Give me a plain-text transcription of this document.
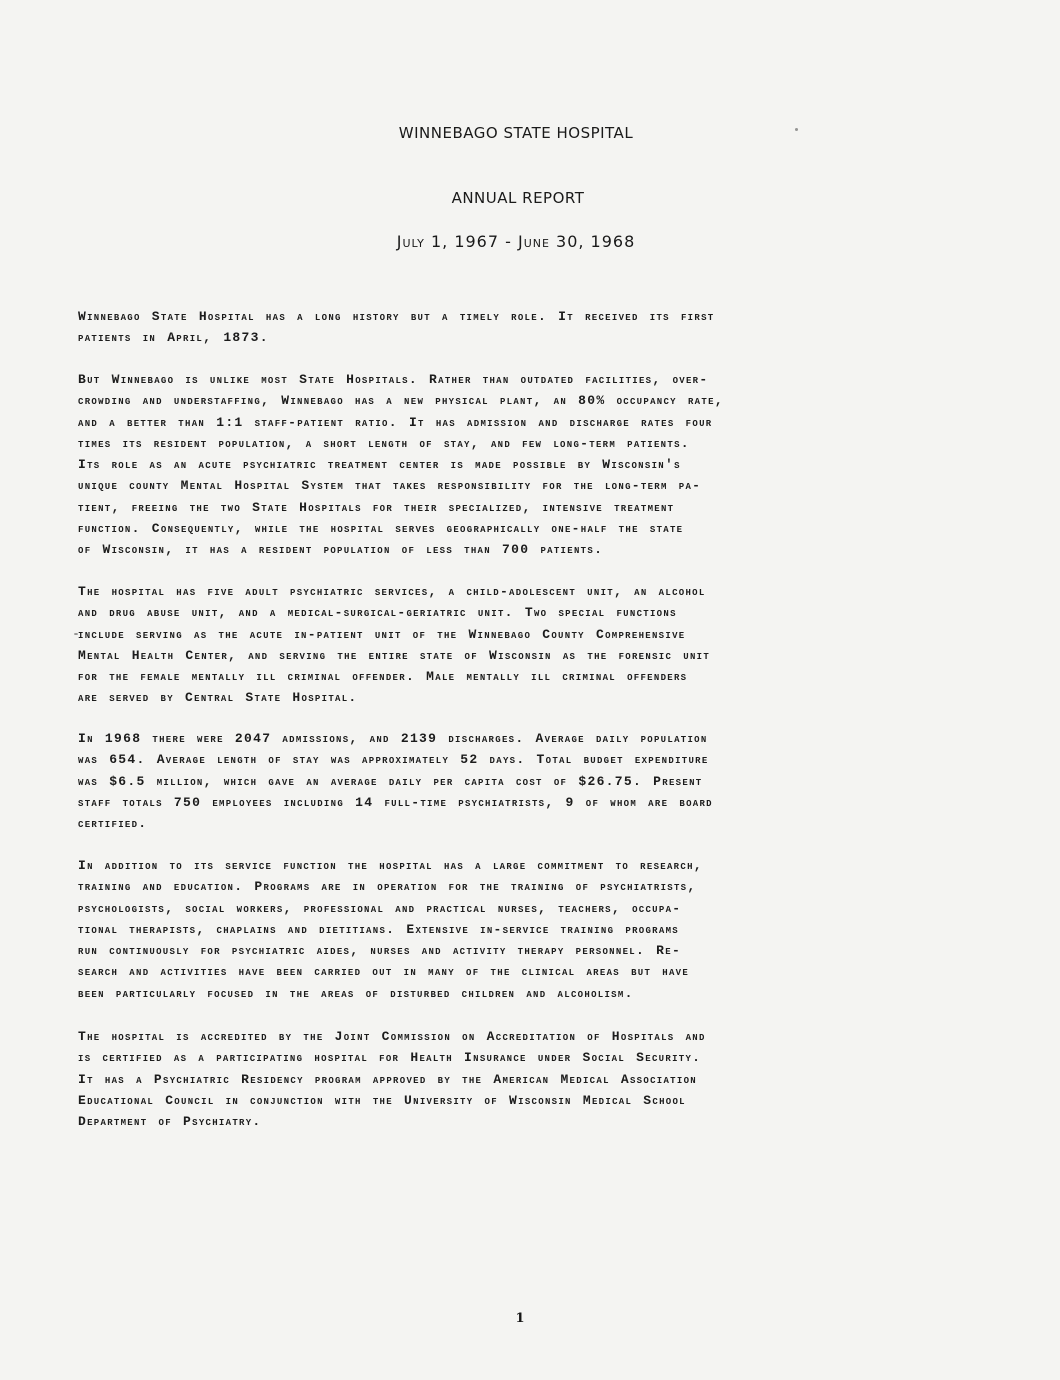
WINNEBAGO STATE HOSPITAL
ANNUAL REPORT
July 1, 1967 - June 30, 1968
Winnebago State Hospital has a long history but a timely role. It received its first
patients in April, 1873.
But Winnebago is unlike most State Hospitals. Rather than outdated facilities, over-
crowding and understaffing, Winnebago has a new physical plant, an 80% occupancy rate,
and a better than 1:1 staff-patient ratio. It has admission and discharge rates four
times its resident population, a short length of stay, and few long-term patients.
Its role as an acute psychiatric treatment center is made possible by Wisconsin's
unique county Mental Hospital System that takes responsibility for the long-term pa-
tient, freeing the two State Hospitals for their specialized, intensive treatment
function. Consequently, while the hospital serves geographically one-half the state
of Wisconsin, it has a resident population of less than 700 patients.
The hospital has five adult psychiatric services, a child-adolescent unit, an alcohol
and drug abuse unit, and a medical-surgical-geriatric unit. Two special functions
include serving as the acute in-patient unit of the Winnebago County Comprehensive
Mental Health Center, and serving the entire state of Wisconsin as the forensic unit
for the female mentally ill criminal offender. Male mentally ill criminal offenders
are served by Central State Hospital.
In 1968 there were 2047 admissions, and 2139 discharges. Average daily population
was 654. Average length of stay was approximately 52 days. Total budget expenditure
was $6.5 million, which gave an average daily per capita cost of $26.75. Present
staff totals 750 employees including 14 full-time psychiatrists, 9 of whom are board
certified.
In addition to its service function the hospital has a large commitment to research,
training and education. Programs are in operation for the training of psychiatrists,
psychologists, social workers, professional and practical nurses, teachers, occupa-
tional therapists, chaplains and dietitians. Extensive in-service training programs
run continuously for psychiatric aides, nurses and activity therapy personnel. Re-
search and activities have been carried out in many of the clinical areas but have
been particularly focused in the areas of disturbed children and alcoholism.
The hospital is accredited by the Joint Commission on Accreditation of Hospitals and
is certified as a participating hospital for Health Insurance under Social Security.
It has a Psychiatric Residency program approved by the American Medical Association
Educational Council in conjunction with the University of Wisconsin Medical School
Department of Psychiatry.
1
